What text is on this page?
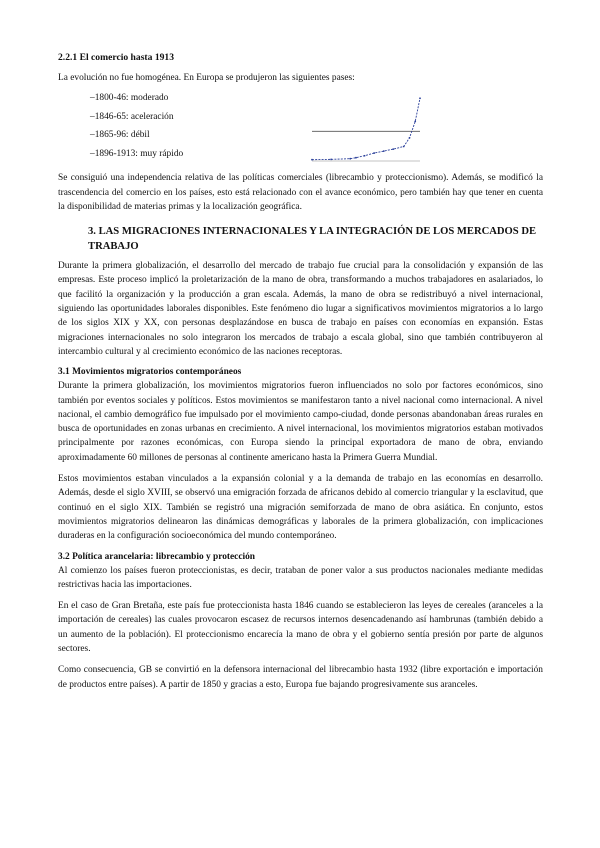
2.2.1 El comercio hasta 1913

La evolución no fue homogénea. En Europa se produjeron las siguientes pases:

–1800-46: moderado
–1846-65: aceleración
–1865-96: débil
–1896-1913: muy rápido

Se consiguió una independencia relativa de las políticas comerciales (librecambio y proteccionismo). Además, se modificó la trascendencia del comercio en los países, esto está relacionado con el avance económico, pero también hay que tener en cuenta la disponibilidad de materias primas y la localización geográfica.

3. LAS MIGRACIONES INTERNACIONALES Y LA INTEGRACIÓN DE LOS MERCADOS DE TRABAJO

Durante la primera globalización, el desarrollo del mercado de trabajo fue crucial para la consolidación y expansión de las empresas. Este proceso implicó la proletarización de la mano de obra, transformando a muchos trabajadores en asalariados, lo que facilitó la organización y la producción a gran escala. Además, la mano de obra se redistribuyó a nivel internacional, siguiendo las oportunidades laborales disponibles. Este fenómeno dio lugar a significativos movimientos migratorios a lo largo de los siglos XIX y XX, con personas desplazándose en busca de trabajo en países con economías en expansión. Estas migraciones internacionales no solo integraron los mercados de trabajo a escala global, sino que también contribuyeron al intercambio cultural y al crecimiento económico de las naciones receptoras.

3.1 Movimientos migratorios contemporáneos

Durante la primera globalización, los movimientos migratorios fueron influenciados no solo por factores económicos, sino también por eventos sociales y políticos. Estos movimientos se manifestaron tanto a nivel nacional como internacional. A nivel nacional, el cambio demográfico fue impulsado por el movimiento campo-ciudad, donde personas abandonaban áreas rurales en busca de oportunidades en zonas urbanas en crecimiento. A nivel internacional, los movimientos migratorios estaban motivados principalmente por razones económicas, con Europa siendo la principal exportadora de mano de obra, enviando aproximadamente 60 millones de personas al continente americano hasta la Primera Guerra Mundial.

Estos movimientos estaban vinculados a la expansión colonial y a la demanda de trabajo en las economías en desarrollo. Además, desde el siglo XVIII, se observó una emigración forzada de africanos debido al comercio triangular y la esclavitud, que continuó en el siglo XIX. También se registró una migración semiforzada de mano de obra asiática. En conjunto, estos movimientos migratorios delinearon las dinámicas demográficas y laborales de la primera globalización, con implicaciones duraderas en la configuración socioeconómica del mundo contemporáneo.

3.2 Política arancelaria: librecambio y protección

Al comienzo los países fueron proteccionistas, es decir, trataban de poner valor a sus productos nacionales mediante medidas restrictivas hacia las importaciones.

En el caso de Gran Bretaña, este país fue proteccionista hasta 1846 cuando se establecieron las leyes de cereales (aranceles a la importación de cereales) las cuales provocaron escasez de recursos internos desencadenando así hambrunas (también debido a un aumento de la población). El proteccionismo encarecía la mano de obra y el gobierno sentía presión por parte de algunos sectores.

Como consecuencia, GB se convirtió en la defensora internacional del librecambio hasta 1932 (libre exportación e importación de productos entre países). A partir de 1850 y gracias a esto, Europa fue bajando progresivamente sus aranceles.
